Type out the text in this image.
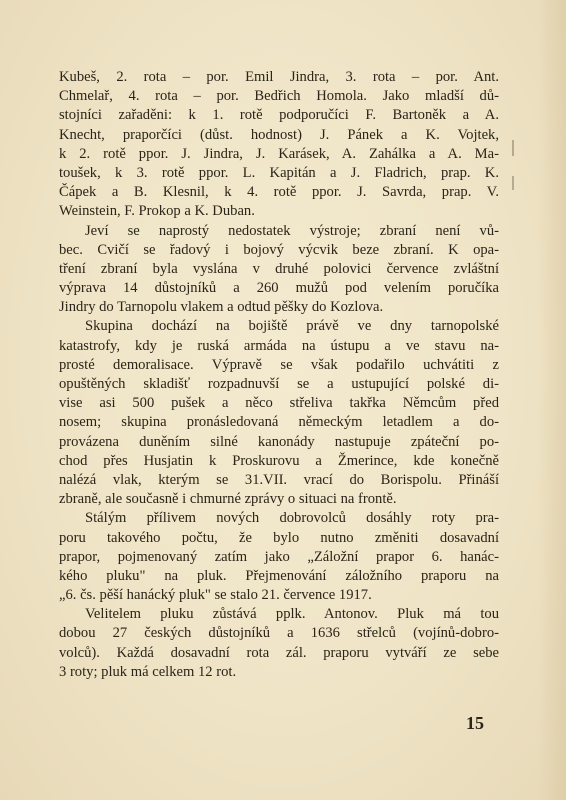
Kubeš, 2. rota – por. Emil Jindra, 3. rota – por. Ant.
Chmelař, 4. rota – por. Bedřich Homola. Jako mladší dů-
stojníci zařaděni: k 1. rotě podporučíci F. Bartoněk a A.
Knecht, praporčíci (důst. hodnost) J. Pánek a K. Vojtek,
k 2. rotě ppor. J. Jindra, J. Karásek, A. Zahálka a A. Ma-
toušek, k 3. rotě ppor. L. Kapitán a J. Fladrich, prap. K.
Čápek a B. Klesnil, k 4. rotě ppor. J. Savrda, prap. V.
Weinstein, F. Prokop a K. Duban.
Jeví se naprostý nedostatek výstroje; zbraní není vů-
bec. Cvičí se řadový i bojový výcvik beze zbraní. K opa-
tření zbraní byla vyslána v druhé polovici července zvláštní
výprava 14 důstojníků a 260 mužů pod velením poručíka
Jindry do Tarnopolu vlakem a odtud pěšky do Kozlova.
Skupina dochází na bojiště právě ve dny tarnopolské
katastrofy, kdy je ruská armáda na ústupu a ve stavu na-
prosté demoralisace. Výpravě se však podařilo uchvátiti z
opuštěných skladišť rozpadnuvší se a ustupující polské di-
vise asi 500 pušek a něco střeliva takřka Němcům před
nosem; skupina pronásledovaná německým letadlem a do-
provázena duněním silné kanonády nastupuje zpáteční po-
chod přes Husjatin k Proskurovu a Žmerince, kde konečně
nalézá vlak, kterým se 31.VII. vrací do Borispolu. Přináší
zbraně, ale současně i chmurné zprávy o situaci na frontě.
Stálým přílivem nových dobrovolců dosáhly roty pra-
poru takového počtu, že bylo nutno změniti dosavadní
prapor, pojmenovaný zatím jako „Záložní prapor 6. hanác-
kého pluku" na pluk. Přejmenování záložního praporu na
„6. čs. pěší hanácký pluk" se stalo 21. července 1917.
Velitelem pluku zůstává pplk. Antonov. Pluk má tou
dobou 27 českých důstojníků a 1636 střelců (vojínů-dobro-
volců). Každá dosavadní rota zál. praporu vytváří ze sebe
3 roty; pluk má celkem 12 rot.
15
